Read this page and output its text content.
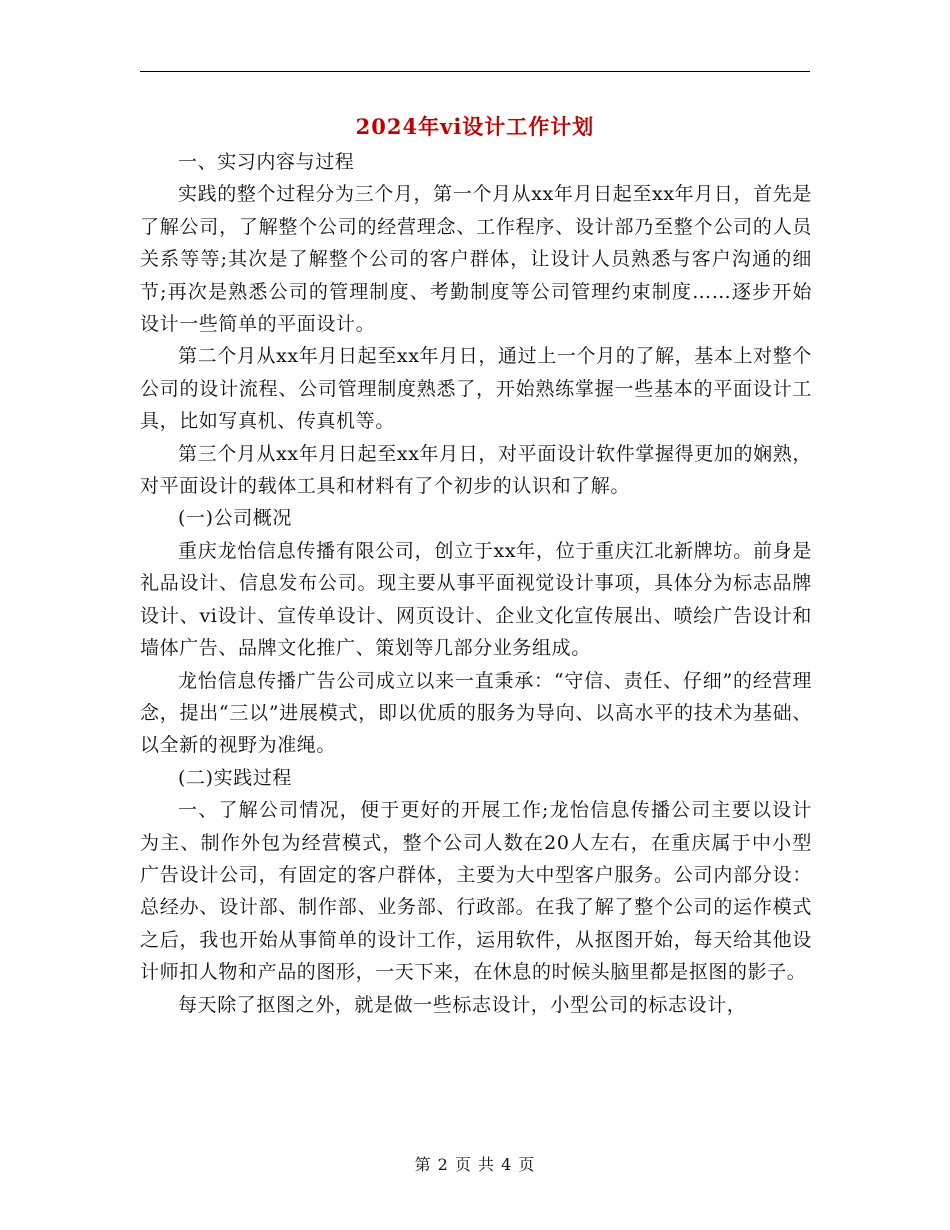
2024年vi设计工作计划

一、实习内容与过程

实践的整个过程分为三个月，第一个月从xx年月日起至xx年月日，首先是了解公司，了解整个公司的经营理念、工作程序、设计部乃至整个公司的人员关系等等;其次是了解整个公司的客户群体，让设计人员熟悉与客户沟通的细节;再次是熟悉公司的管理制度、考勤制度等公司管理约束制度……逐步开始设计一些简单的平面设计。

第二个月从xx年月日起至xx年月日，通过上一个月的了解，基本上对整个公司的设计流程、公司管理制度熟悉了，开始熟练掌握一些基本的平面设计工具，比如写真机、传真机等。

第三个月从xx年月日起至xx年月日，对平面设计软件掌握得更加的娴熟，对平面设计的载体工具和材料有了个初步的认识和了解。

(一)公司概况

重庆龙怡信息传播有限公司，创立于xx年，位于重庆江北新牌坊。前身是礼品设计、信息发布公司。现主要从事平面视觉设计事项，具体分为标志品牌设计、vi设计、宣传单设计、网页设计、企业文化宣传展出、喷绘广告设计和墙体广告、品牌文化推广、策划等几部分业务组成。

龙怡信息传播广告公司成立以来一直秉承：“守信、责任、仔细”的经营理念，提出“三以”进展模式，即以优质的服务为导向、以高水平的技术为基础、以全新的视野为准绳。

(二)实践过程

一、了解公司情况，便于更好的开展工作;龙怡信息传播公司主要以设计为主、制作外包为经营模式，整个公司人数在20人左右，在重庆属于中小型广告设计公司，有固定的客户群体，主要为大中型客户服务。公司内部分设：总经办、设计部、制作部、业务部、行政部。在我了解了整个公司的运作模式之后，我也开始从事简单的设计工作，运用软件，从抠图开始，每天给其他设计师扣人物和产品的图形，一天下来，在休息的时候头脑里都是抠图的影子。

每天除了抠图之外，就是做一些标志设计，小型公司的标志设计，

第 2 页 共 4 页
